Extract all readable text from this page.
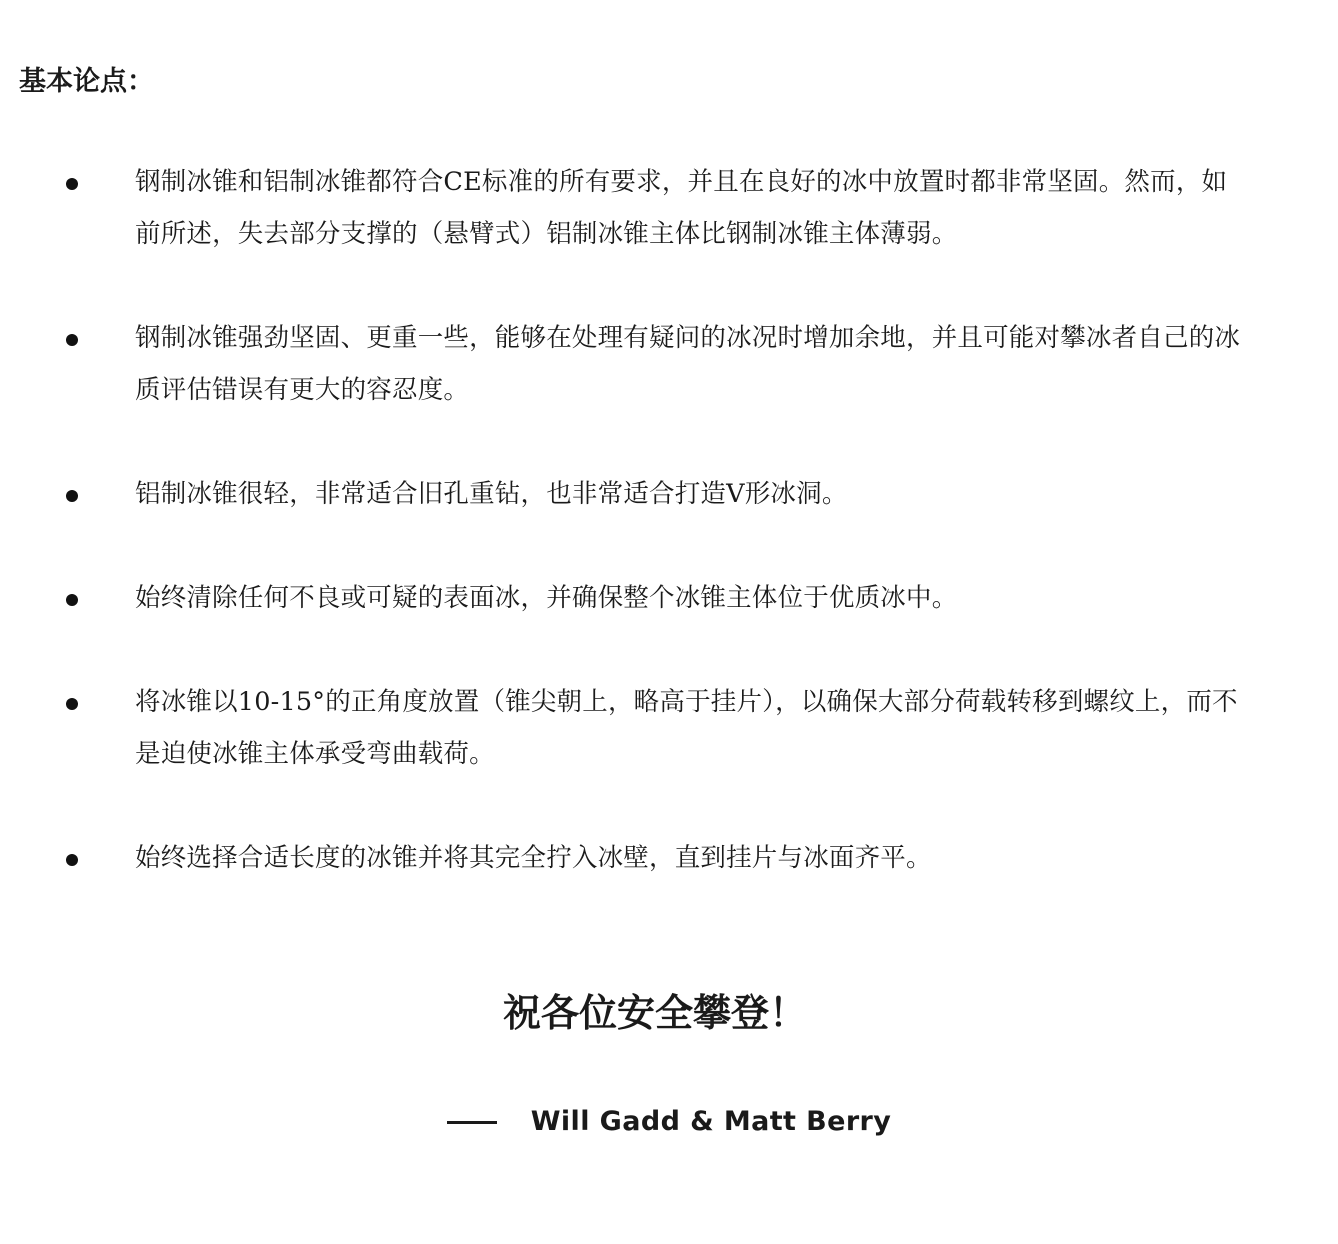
基本论点：
钢制冰锥和铝制冰锥都符合CE标准的所有要求，并且在良好的冰中放置时都非常坚固。然而，如前所述，失去部分支撑的（悬臂式）铝制冰锥主体比钢制冰锥主体薄弱。
钢制冰锥强劲坚固、更重一些，能够在处理有疑问的冰况时增加余地，并且可能对攀冰者自己的冰质评估错误有更大的容忍度。
铝制冰锥很轻，非常适合旧孔重钻，也非常适合打造V形冰洞。
始终清除任何不良或可疑的表面冰，并确保整个冰锥主体位于优质冰中。
将冰锥以10-15°的正角度放置（锥尖朝上，略高于挂片），以确保大部分荷载转移到螺纹上，而不是迫使冰锥主体承受弯曲载荷。
始终选择合适长度的冰锥并将其完全拧入冰壁，直到挂片与冰面齐平。

祝各位安全攀登！

Will Gadd & Matt Berry
